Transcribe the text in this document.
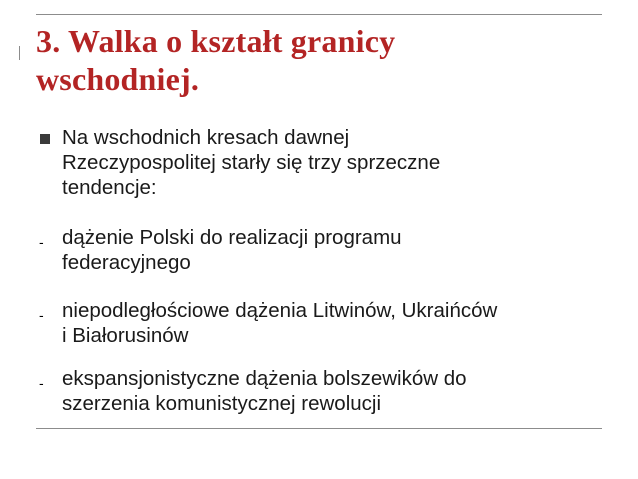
3. Walka o kształt granicy
wschodniej.
Na wschodnich kresach dawnej
Rzeczypospolitej starły się trzy sprzeczne
tendencje:
- dążenie Polski do realizacji programu
federacyjnego
- niepodległościowe dążenia Litwinów, Ukraińców
i Białorusinów
- ekspansjonistyczne dążenia bolszewików do
szerzenia komunistycznej rewolucji
